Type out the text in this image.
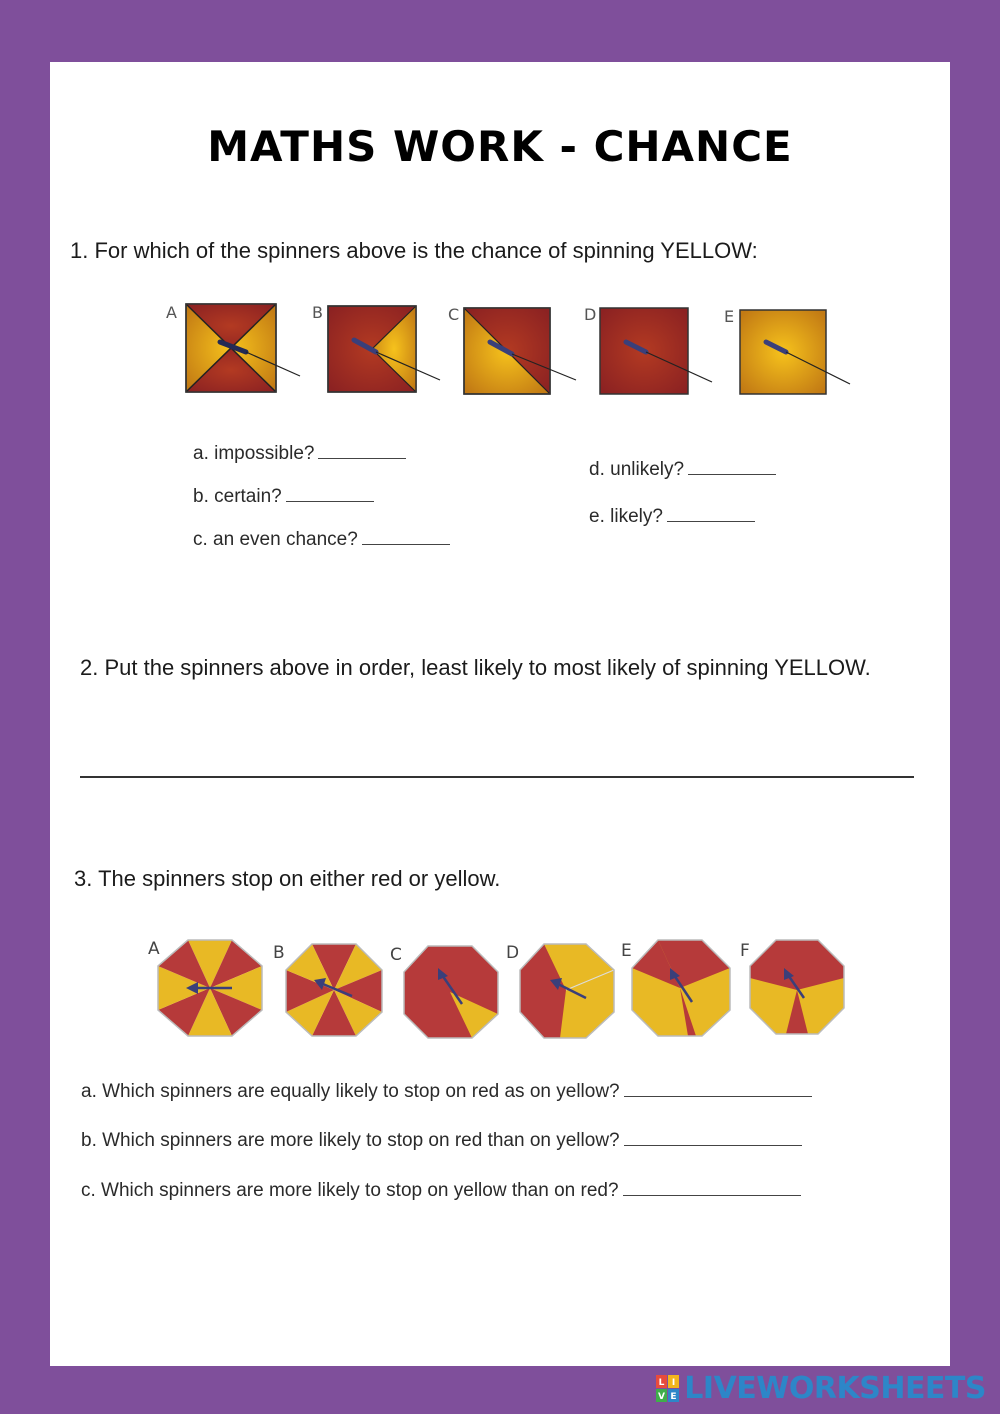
MATHS WORK - CHANCE
1. For which of the spinners above is the chance of spinning YELLOW:
A	B	C	D	E
a. impossible?
b. certain?
c. an even chance?
d. unlikely?
e. likely?
2. Put the spinners above in order, least likely to most likely of spinning YELLOW.
3. The spinners stop on either red or yellow.
A	B	C	D	E	F
a. Which spinners are equally likely to stop on red as on yellow?
b. Which spinners are more likely to stop on red than on yellow?
c. Which spinners are more likely to stop on yellow than on red?
L I
V E LIVEWORKSHEETS
